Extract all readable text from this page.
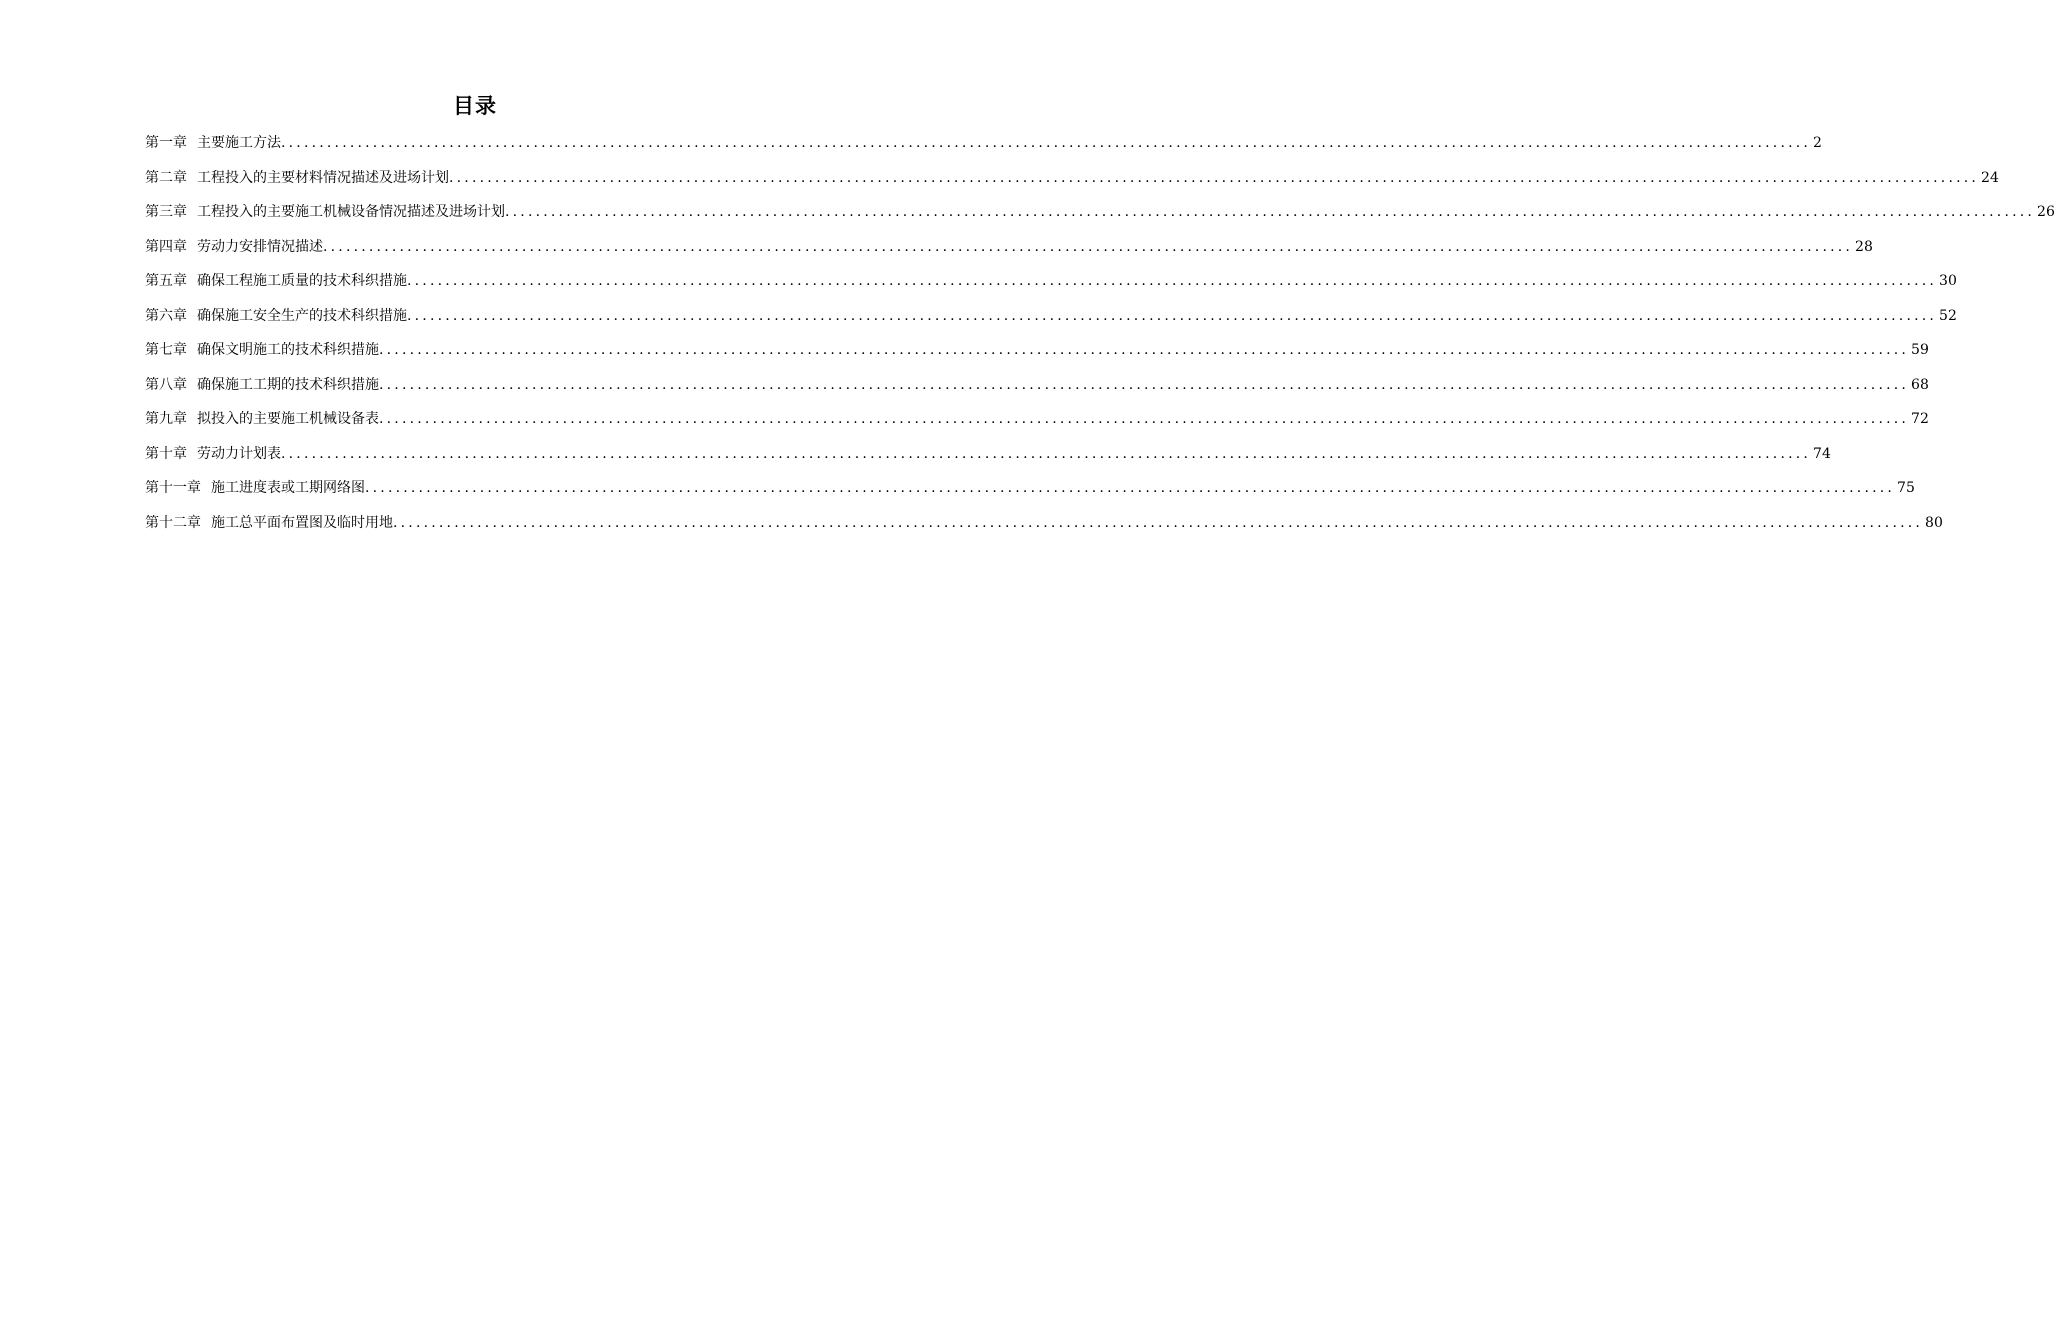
目录
第一章 主要施工方法 ........................................................................................................................................................................................................ 2
第二章 工程投入的主要材料情况描述及进场计划 ........................................................................................................................................................................................................ 24
第三章 工程投入的主要施工机械设备情况描述及进场计划 ........................................................................................................................................................................................................ 26
第四章 劳动力安排情况描述 ........................................................................................................................................................................................................ 28
第五章 确保工程施工质量的技术科织措施 ........................................................................................................................................................................................................ 30
第六章 确保施工安全生产的技术科织措施 ........................................................................................................................................................................................................ 52
第七章 确保文明施工的技术科织措施 ........................................................................................................................................................................................................ 59
第八章 确保施工工期的技术科织措施 ........................................................................................................................................................................................................ 68
第九章 拟投入的主要施工机械设备表 ........................................................................................................................................................................................................ 72
第十章 劳动力计划表 ........................................................................................................................................................................................................ 74
第十一章 施工进度表或工期网络图 ........................................................................................................................................................................................................ 75
第十二章 施工总平面布置图及临时用地 ........................................................................................................................................................................................................ 80
